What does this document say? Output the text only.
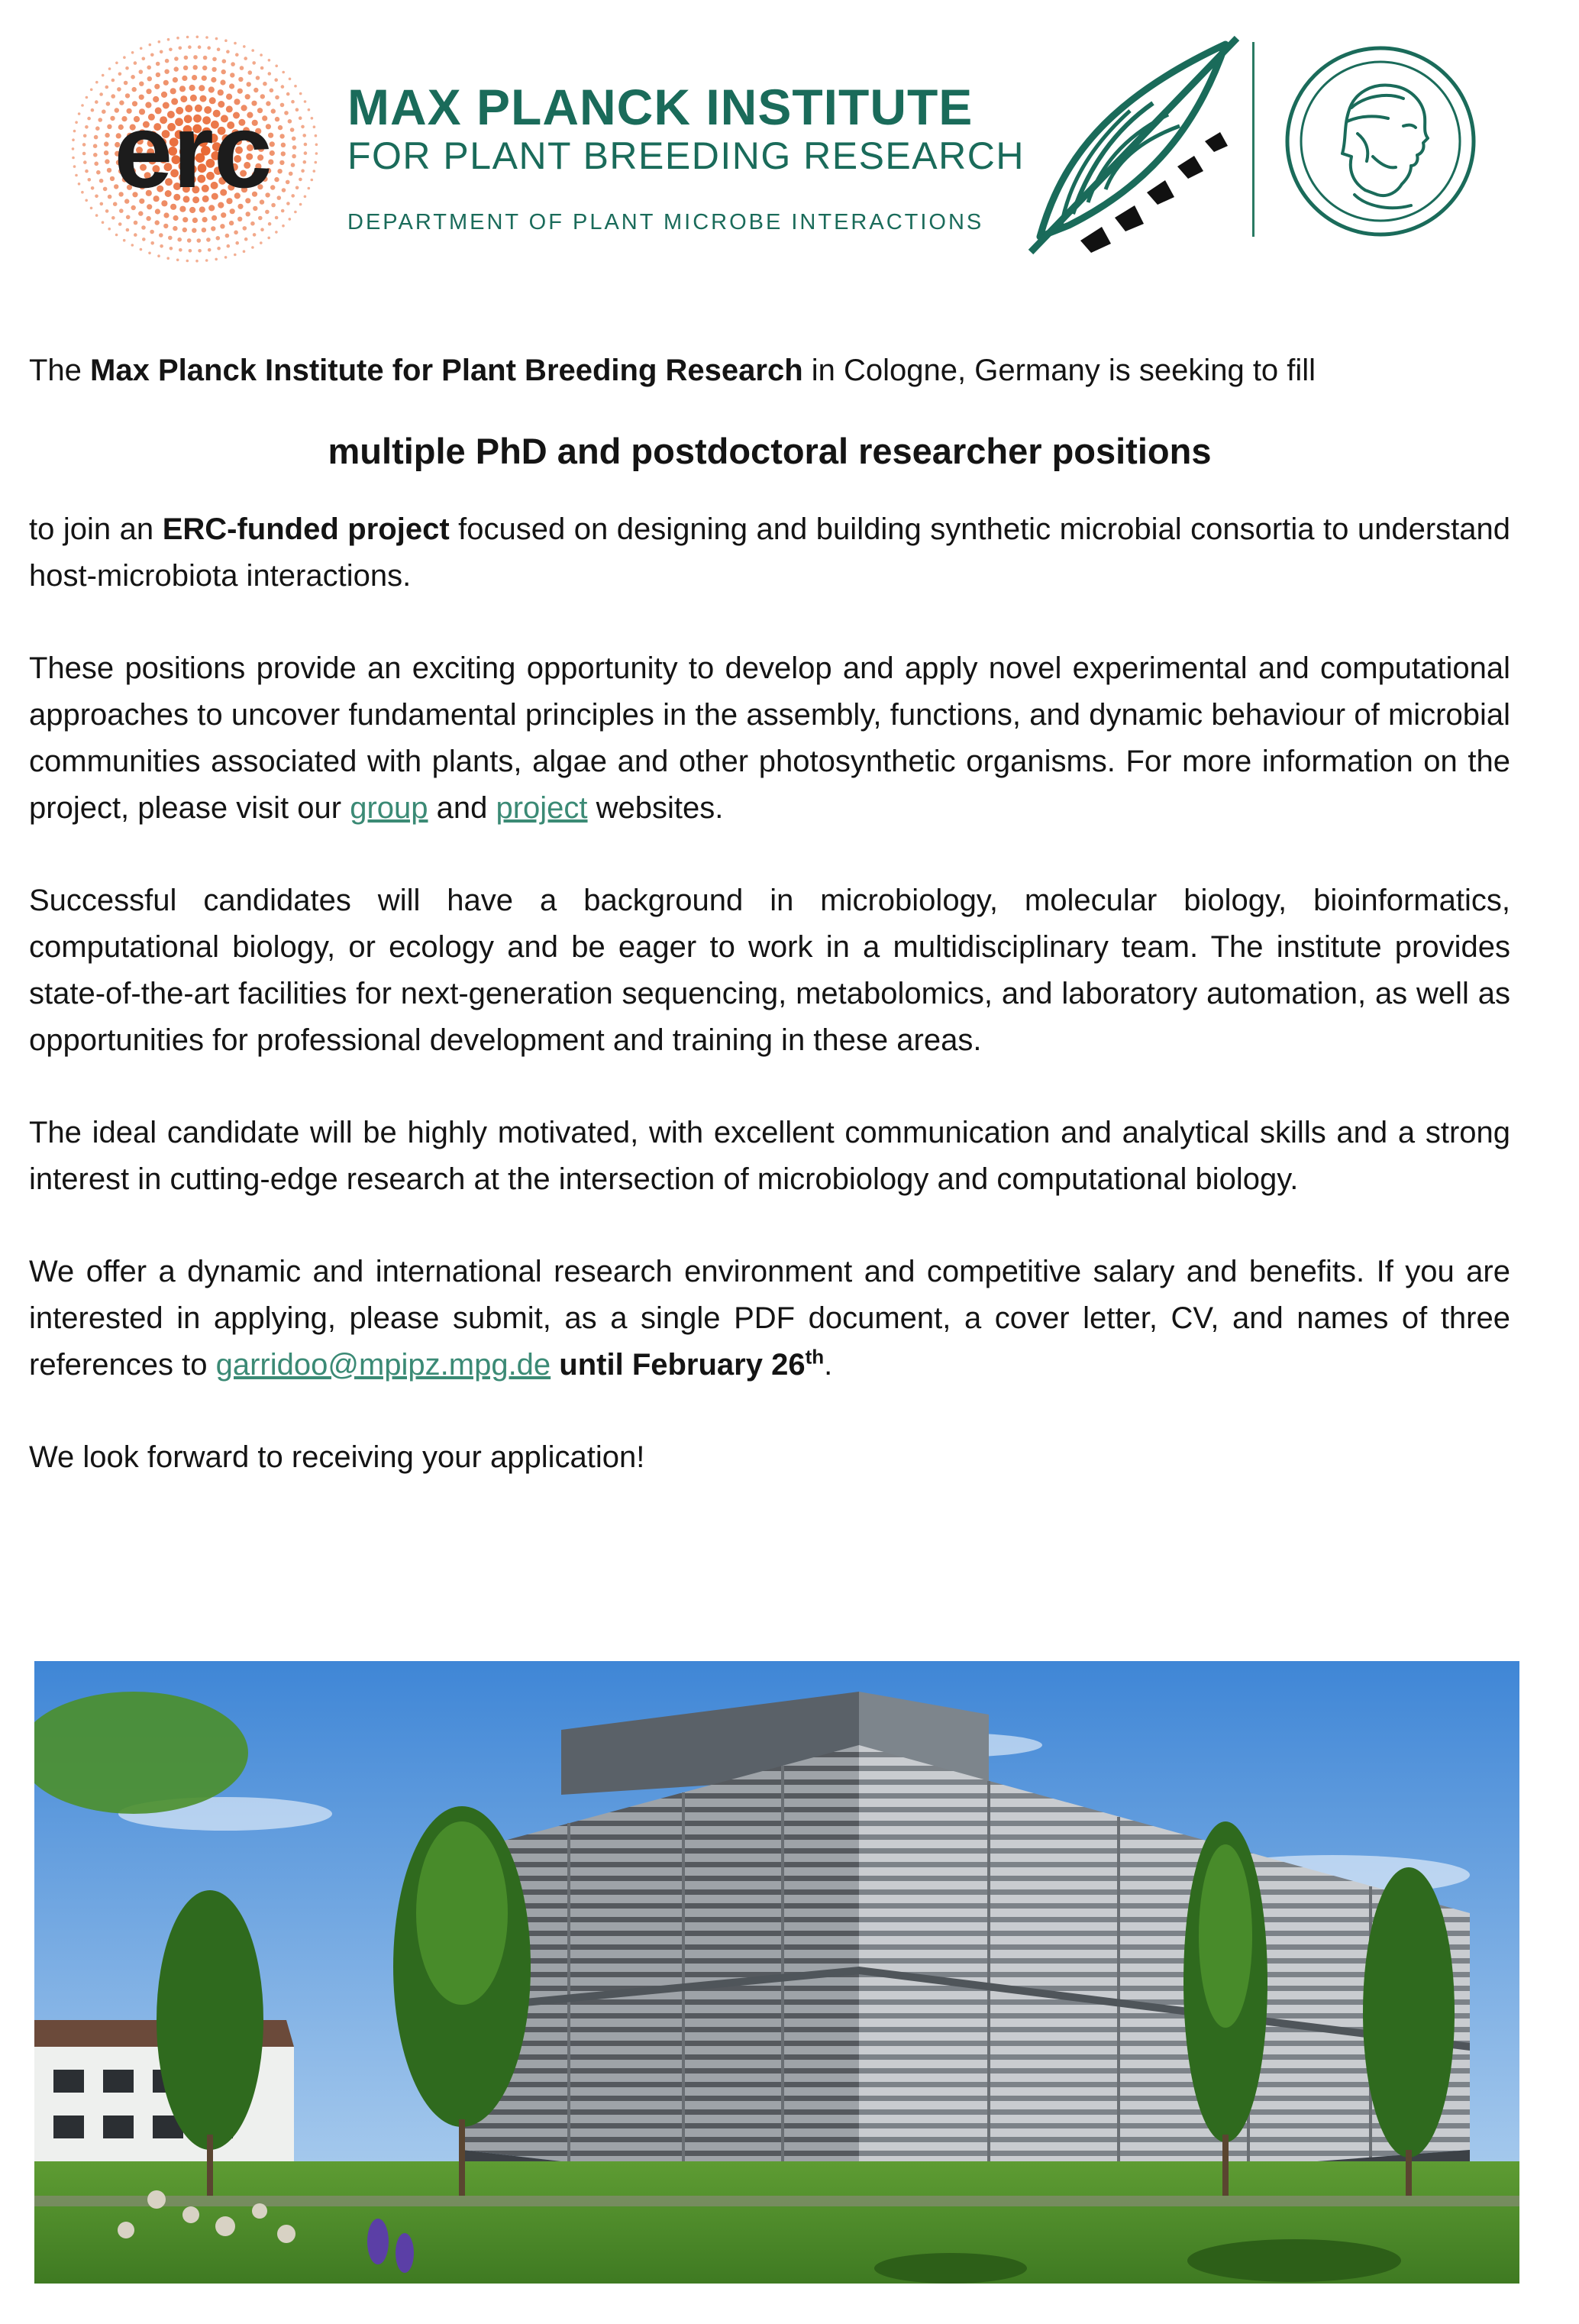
erc MAX PLANCK INSTITUTE
FOR PLANT BREEDING RESEARCH
DEPARTMENT OF PLANT MICROBE INTERACTIONS

The Max Planck Institute for Plant Breeding Research in Cologne, Germany is seeking to fill

multiple PhD and postdoctoral researcher positions

to join an ERC-funded project focused on designing and building synthetic microbial consortia to understand host-microbiota interactions.

These positions provide an exciting opportunity to develop and apply novel experimental and computational approaches to uncover fundamental principles in the assembly, functions, and dynamic behaviour of microbial communities associated with plants, algae and other photosynthetic organisms. For more information on the project, please visit our group and project websites.

Successful candidates will have a background in microbiology, molecular biology, bioinformatics, computational biology, or ecology and be eager to work in a multidisciplinary team. The institute provides state-of-the-art facilities for next-generation sequencing, metabolomics, and laboratory automation, as well as opportunities for professional development and training in these areas.

The ideal candidate will be highly motivated, with excellent communication and analytical skills and a strong interest in cutting-edge research at the intersection of microbiology and computational biology.

We offer a dynamic and international research environment and competitive salary and benefits. If you are interested in applying, please submit, as a single PDF document, a cover letter, CV, and names of three references to garridoo@mpipz.mpg.de until February 26th.

We look forward to receiving your application!
